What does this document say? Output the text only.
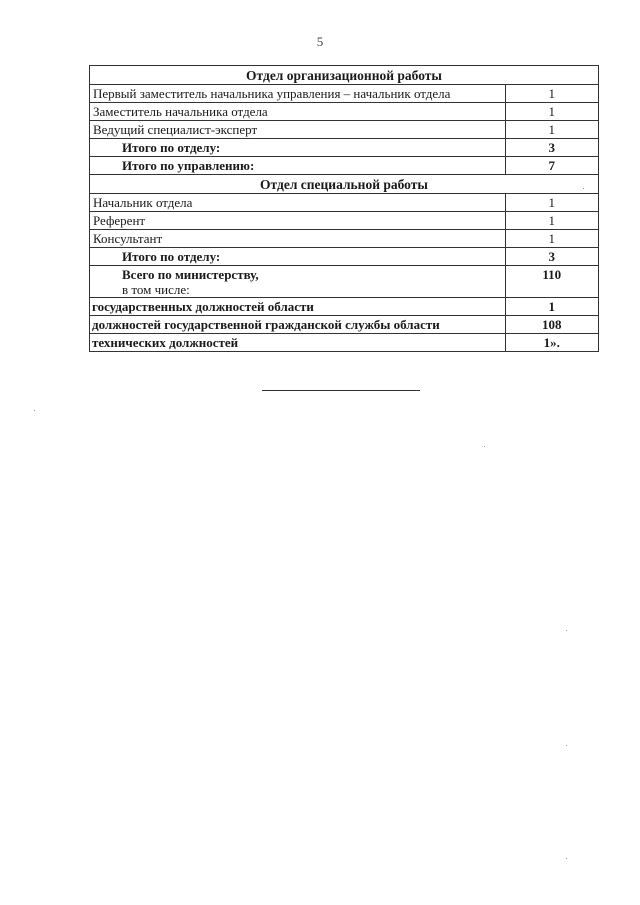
5
Отдел организационной работы	
Первый заместитель начальника управления – начальник отдела	1
Заместитель начальника отдела	1
Ведущий специалист-эксперт	1
Итого по отделу:	3
Итого по управлению:	7
Отдел специальной работы	
Начальник отдела	1
Референт	1
Консультант	1
Итого по отделу:	3

Всего по министерству,
в том числе:	110
государственных должностей области	1
должностей государственной гражданской службы области	108
технических должностей	1».
